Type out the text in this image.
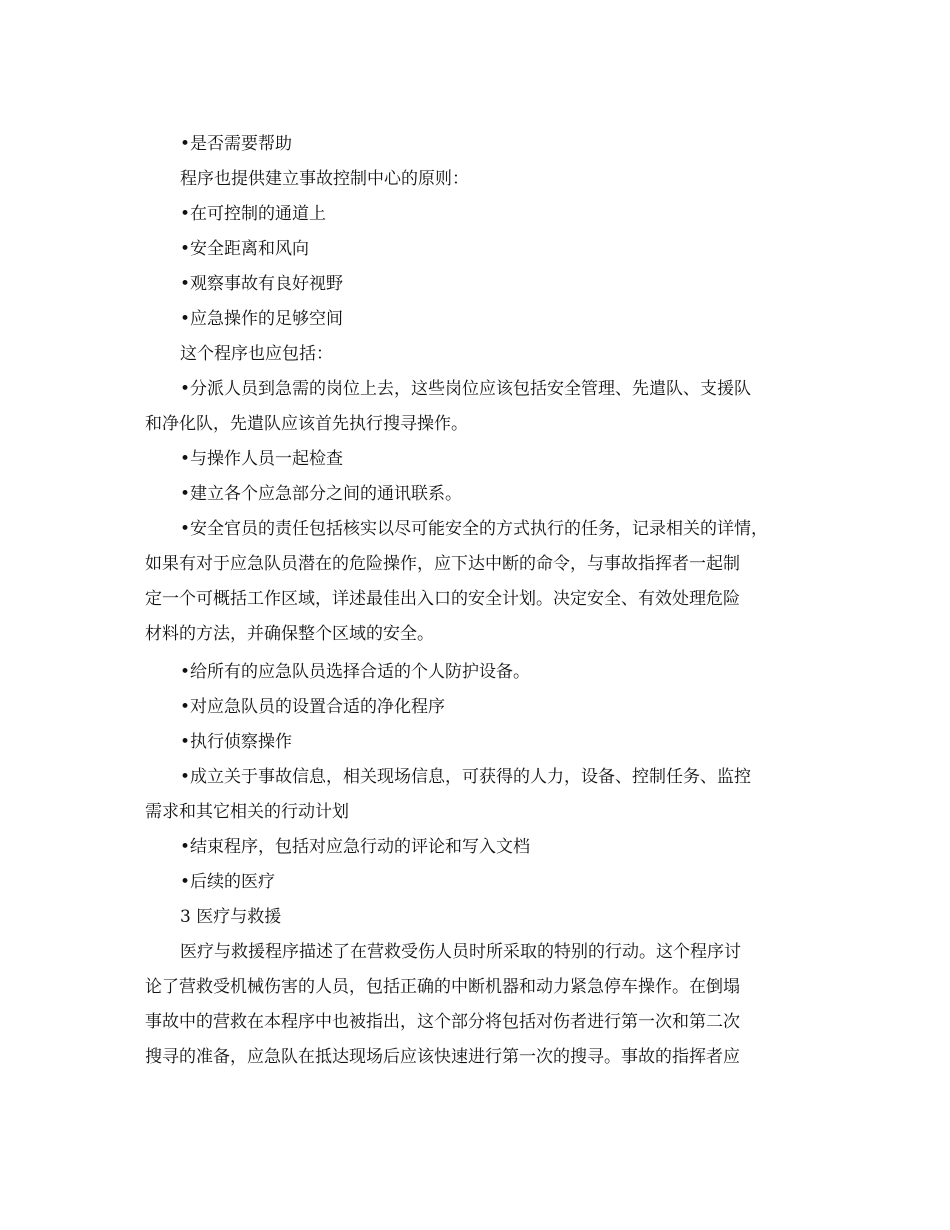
•是否需要帮助
程序也提供建立事故控制中心的原则：
•在可控制的通道上
•安全距离和风向
•观察事故有良好视野
•应急操作的足够空间
这个程序也应包括：
•分派人员到急需的岗位上去，这些岗位应该包括安全管理、先遣队、支援队
和净化队，先遣队应该首先执行搜寻操作。
•与操作人员一起检查
•建立各个应急部分之间的通讯联系。
•安全官员的责任包括核实以尽可能安全的方式执行的任务，记录相关的详情，
如果有对于应急队员潜在的危险操作，应下达中断的命令，与事故指挥者一起制
定一个可概括工作区域，详述最佳出入口的安全计划。决定安全、有效处理危险
材料的方法，并确保整个区域的安全。
•给所有的应急队员选择合适的个人防护设备。
•对应急队员的设置合适的净化程序
•执行侦察操作
•成立关于事故信息，相关现场信息，可获得的人力，设备、控制任务、监控
需求和其它相关的行动计划
•结束程序，包括对应急行动的评论和写入文档
•后续的医疗
3 医疗与救援
医疗与救援程序描述了在营救受伤人员时所采取的特别的行动。这个程序讨
论了营救受机械伤害的人员，包括正确的中断机器和动力紧急停车操作。在倒塌
事故中的营救在本程序中也被指出，这个部分将包括对伤者进行第一次和第二次
搜寻的准备，应急队在抵达现场后应该快速进行第一次的搜寻。事故的指挥者应
